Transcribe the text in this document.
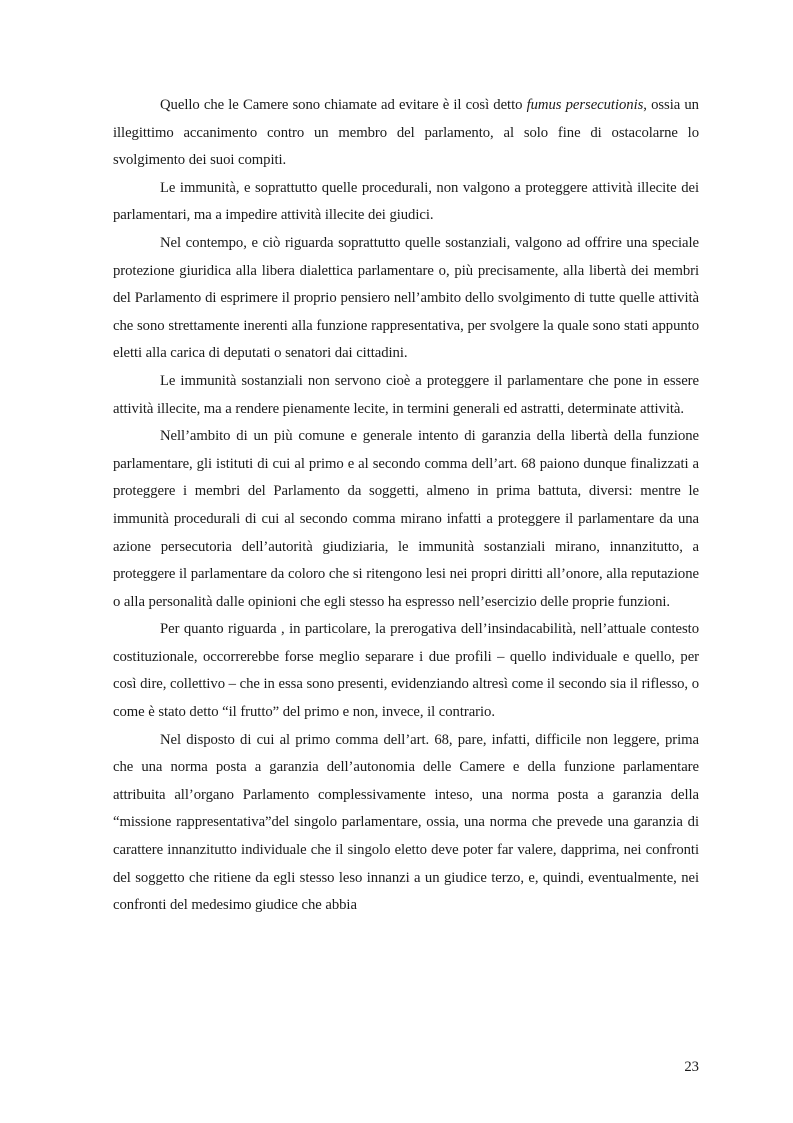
Quello che le Camere sono chiamate ad evitare è il così detto fumus persecutionis, ossia un illegittimo accanimento contro un membro del parlamento, al solo fine di ostacolarne lo svolgimento dei suoi compiti.

Le immunità, e soprattutto quelle procedurali, non valgono a proteggere attività illecite dei parlamentari, ma a impedire attività illecite dei giudici.

Nel contempo, e ciò riguarda soprattutto quelle sostanziali, valgono ad offrire una speciale protezione giuridica alla libera dialettica parlamentare o, più precisamente, alla libertà dei membri del Parlamento di esprimere il proprio pensiero nell’ambito dello svolgimento di tutte quelle attività che sono strettamente inerenti alla funzione rappresentativa, per svolgere la quale sono stati appunto eletti alla carica di deputati o senatori dai cittadini.

Le immunità sostanziali non servono cioè a proteggere il parlamentare che pone in essere attività illecite, ma a rendere pienamente lecite, in termini generali ed astratti, determinate attività.

Nell’ambito di un più comune e generale intento di garanzia della libertà della funzione parlamentare, gli istituti di cui al primo e al secondo comma dell’art. 68 paiono dunque finalizzati a proteggere i membri del Parlamento da soggetti, almeno in prima battuta, diversi: mentre le immunità procedurali di cui al secondo comma mirano infatti a proteggere il parlamentare da una azione persecutoria dell’autorità giudiziaria, le immunità sostanziali mirano, innanzitutto, a proteggere il parlamentare da coloro che si ritengono lesi nei propri diritti all’onore, alla reputazione o alla personalità dalle opinioni che egli stesso ha espresso nell’esercizio delle proprie funzioni.

Per quanto riguarda , in particolare, la prerogativa dell’insindacabilità, nell’attuale contesto costituzionale, occorrerebbe forse meglio separare i due profili – quello individuale e quello, per così dire, collettivo – che in essa sono presenti, evidenziando altresì come il secondo sia il riflesso, o come è stato detto “il frutto” del primo e non, invece, il contrario.

Nel disposto di cui al primo comma dell’art. 68, pare, infatti, difficile non leggere, prima che una norma posta a garanzia dell’autonomia delle Camere e della funzione parlamentare attribuita all’organo Parlamento complessivamente inteso, una norma posta a garanzia della “missione rappresentativa”del singolo parlamentare, ossia, una norma che prevede una garanzia di carattere innanzitutto individuale che il singolo eletto deve poter far valere, dapprima, nei confronti del soggetto che ritiene da egli stesso leso innanzi a un giudice terzo, e, quindi, eventualmente, nei confronti del medesimo giudice che abbia

23
